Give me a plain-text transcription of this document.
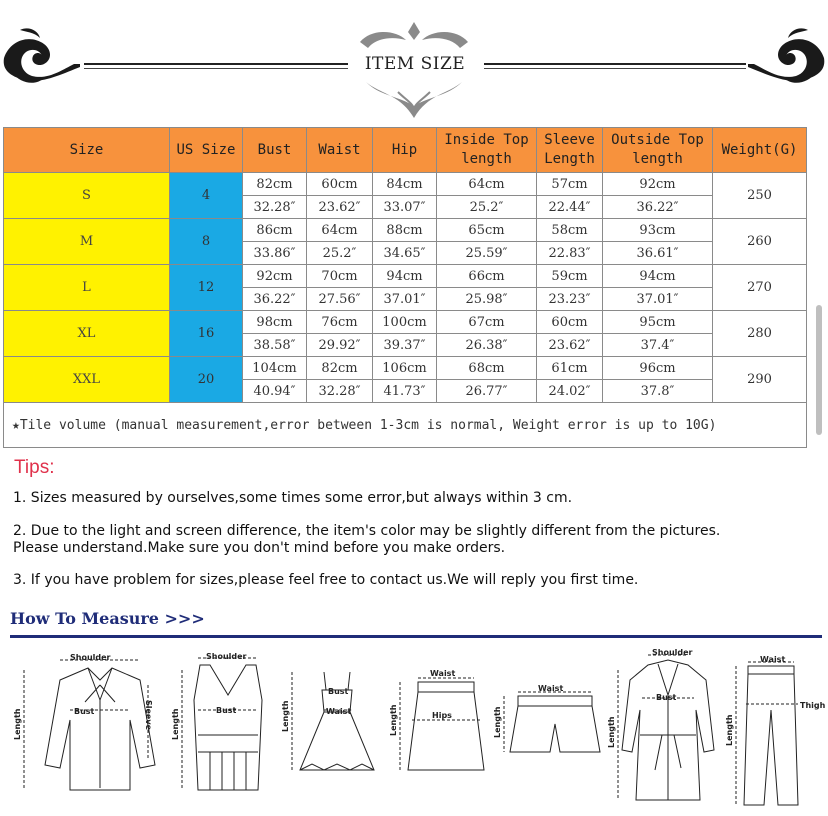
ITEM SIZE
Size	US Size	Bust	Waist	Hip	Inside Top length	Sleeve Length	Outside Top length	Weight(G)
S	4	82cm	60cm	84cm	64cm	57cm	92cm	250
		32.28″	23.62″	33.07″	25.2″	22.44″	36.22″	
M	8	86cm	64cm	88cm	65cm	58cm	93cm	260
		33.86″	25.2″	34.65″	25.59″	22.83″	36.61″	
L	12	92cm	70cm	94cm	66cm	59cm	94cm	270
		36.22″	27.56″	37.01″	25.98″	23.23″	37.01″	
XL	16	98cm	76cm	100cm	67cm	60cm	95cm	280
		38.58″	29.92″	39.37″	26.38″	23.62″	37.4″	
XXL	20	104cm	82cm	106cm	68cm	61cm	96cm	290
		40.94″	32.28″	41.73″	26.77″	24.02″	37.8″	
★Tile volume (manual measurement,error between 1-3cm is normal, Weight error is up to 10G)								
Tips:
1. Sizes measured by ourselves,some times some error,but always within 3 cm.
2. Due to the light and screen difference, the item's color may be slightly different from the pictures.
Please understand.Make sure you don't mind before you make orders.
3. If you have problem for sizes,please feel free to contact us.We will reply you first time.
How To Measure >>>
Shoulder
Bust
Length	Sleeve
Shoulder
Bust
Length
Bust
Waist
Length
Waist
Hips
Length
Waist
Length
Shoulder
Bust
Length
Waist
Thigh
Length
